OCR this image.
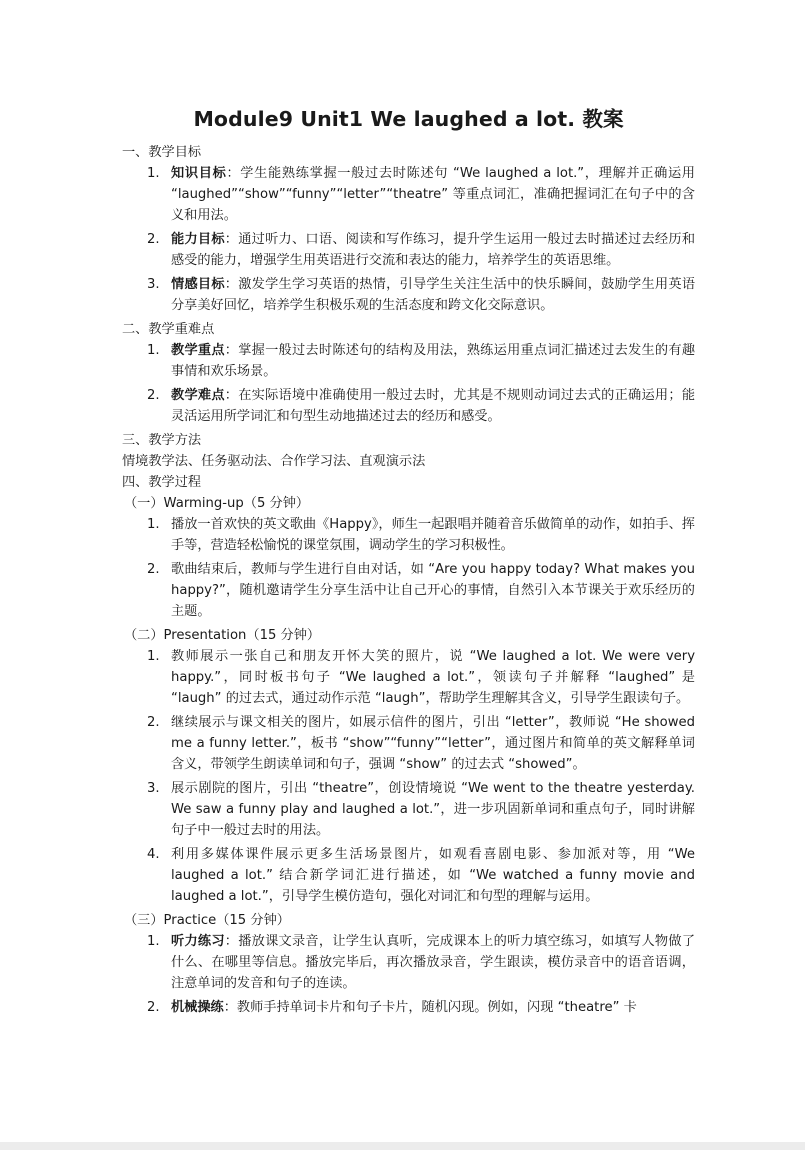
Module9 Unit1 We laughed a lot. 教案

一、教学目标

1. 知识目标：学生能熟练掌握一般过去时陈述句 “We laughed a lot.”，理解并正确运用 “laughed”“show”“funny”“letter”“theatre” 等重点词汇，准确把握词汇在句子中的含义和用法。
2. 能力目标：通过听力、口语、阅读和写作练习，提升学生运用一般过去时描述过去经历和感受的能力，增强学生用英语进行交流和表达的能力，培养学生的英语思维。
3. 情感目标：激发学生学习英语的热情，引导学生关注生活中的快乐瞬间，鼓励学生用英语分享美好回忆，培养学生积极乐观的生活态度和跨文化交际意识。

二、教学重难点

1. 教学重点：掌握一般过去时陈述句的结构及用法，熟练运用重点词汇描述过去发生的有趣事情和欢乐场景。
2. 教学难点：在实际语境中准确使用一般过去时，尤其是不规则动词过去式的正确运用；能灵活运用所学词汇和句型生动地描述过去的经历和感受。

三、教学方法

情境教学法、任务驱动法、合作学习法、直观演示法

四、教学过程

（一）Warming-up（5 分钟）

1. 播放一首欢快的英文歌曲《Happy》，师生一起跟唱并随着音乐做简单的动作，如拍手、挥手等，营造轻松愉悦的课堂氛围，调动学生的学习积极性。
2. 歌曲结束后，教师与学生进行自由对话，如 “Are you happy today? What makes you happy?”，随机邀请学生分享生活中让自己开心的事情，自然引入本节课关于欢乐经历的主题。

（二）Presentation（15 分钟）

1. 教师展示一张自己和朋友开怀大笑的照片，说 “We laughed a lot. We were very happy.”，同时板书句子 “We laughed a lot.”，领读句子并解释 “laughed” 是 “laugh” 的过去式，通过动作示范 “laugh”，帮助学生理解其含义，引导学生跟读句子。
2. 继续展示与课文相关的图片，如展示信件的图片，引出 “letter”，教师说 “He showed me a funny letter.”，板书 “show”“funny”“letter”，通过图片和简单的英文解释单词含义，带领学生朗读单词和句子，强调 “show” 的过去式 “showed”。
3. 展示剧院的图片，引出 “theatre”，创设情境说 “We went to the theatre yesterday. We saw a funny play and laughed a lot.”，进一步巩固新单词和重点句子，同时讲解句子中一般过去时的用法。
4. 利用多媒体课件展示更多生活场景图片，如观看喜剧电影、参加派对等，用 “We laughed a lot.” 结合新学词汇进行描述，如 “We watched a funny movie and laughed a lot.”，引导学生模仿造句，强化对词汇和句型的理解与运用。

（三）Practice（15 分钟）

1. 听力练习：播放课文录音，让学生认真听，完成课本上的听力填空练习，如填写人物做了什么、在哪里等信息。播放完毕后，再次播放录音，学生跟读，模仿录音中的语音语调，注意单词的发音和句子的连读。
2. 机械操练：教师手持单词卡片和句子卡片，随机闪现。例如，闪现 “theatre” 卡
